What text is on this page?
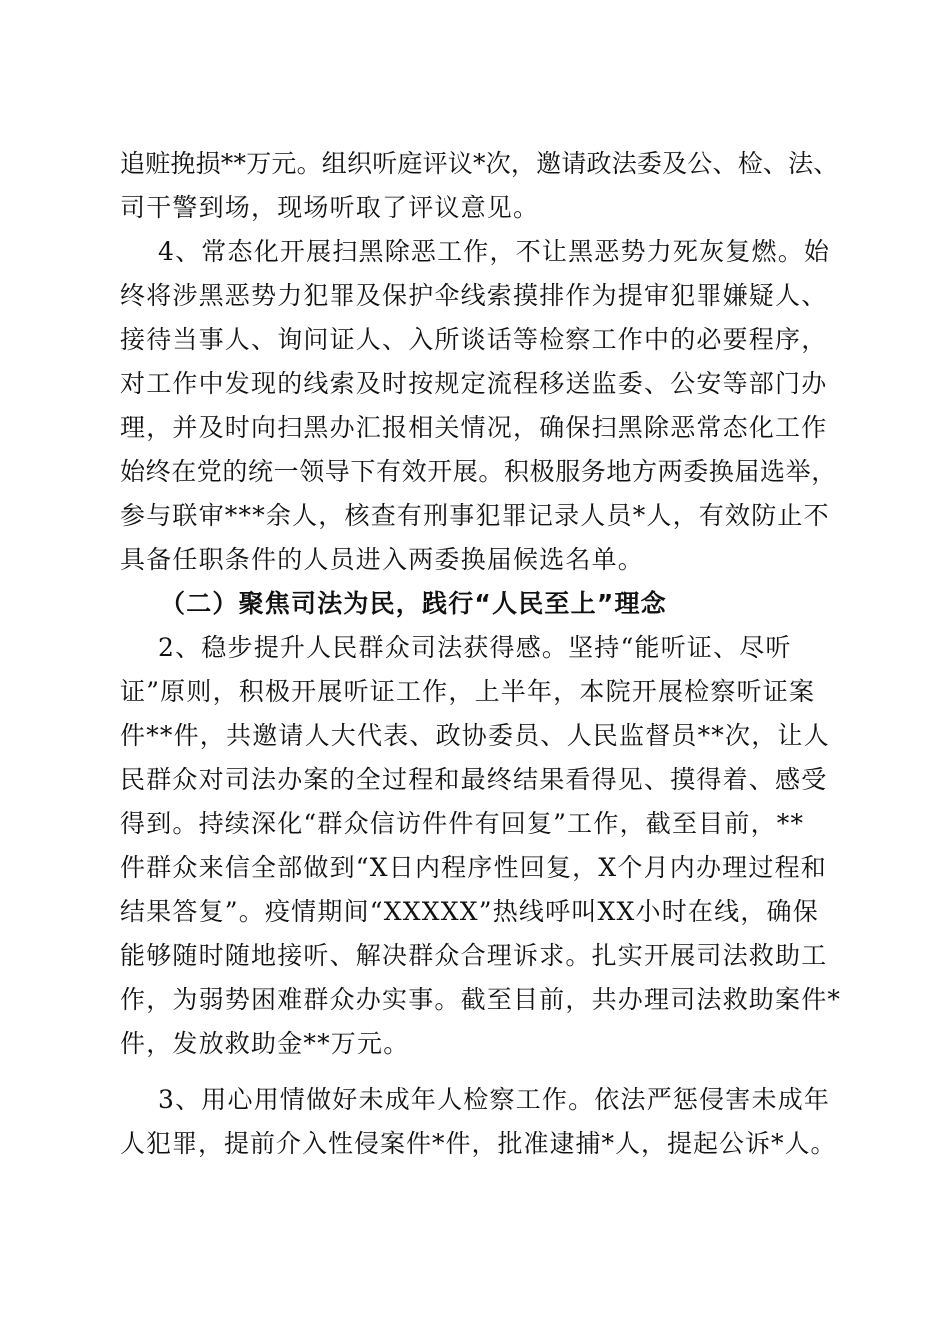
追赃挽损**万元。组织听庭评议*次，邀请政法委及公、检、法、
司干警到场，现场听取了评议意见。
4、常态化开展扫黑除恶工作，不让黑恶势力死灰复燃。始
终将涉黑恶势力犯罪及保护伞线索摸排作为提审犯罪嫌疑人、
接待当事人、询问证人、入所谈话等检察工作中的必要程序，
对工作中发现的线索及时按规定流程移送监委、公安等部门办
理，并及时向扫黑办汇报相关情况，确保扫黑除恶常态化工作
始终在党的统一领导下有效开展。积极服务地方两委换届选举，
参与联审***余人，核查有刑事犯罪记录人员*人，有效防止不
具备任职条件的人员进入两委换届候选名单。
（二）聚焦司法为民，践行“人民至上”理念
2、稳步提升人民群众司法获得感。坚持“能听证、尽听
证”原则，积极开展听证工作，上半年，本院开展检察听证案
件**件，共邀请人大代表、政协委员、人民监督员**次，让人
民群众对司法办案的全过程和最终结果看得见、摸得着、感受
得到。持续深化“群众信访件件有回复”工作，截至目前，**
件群众来信全部做到“X日内程序性回复，X个月内办理过程和
结果答复”。疫情期间“XXXXX”热线呼叫XX小时在线，确保
能够随时随地接听、解决群众合理诉求。扎实开展司法救助工
作，为弱势困难群众办实事。截至目前，共办理司法救助案件*
件，发放救助金**万元。
3、用心用情做好未成年人检察工作。依法严惩侵害未成年
人犯罪，提前介入性侵案件*件，批准逮捕*人，提起公诉*人。
